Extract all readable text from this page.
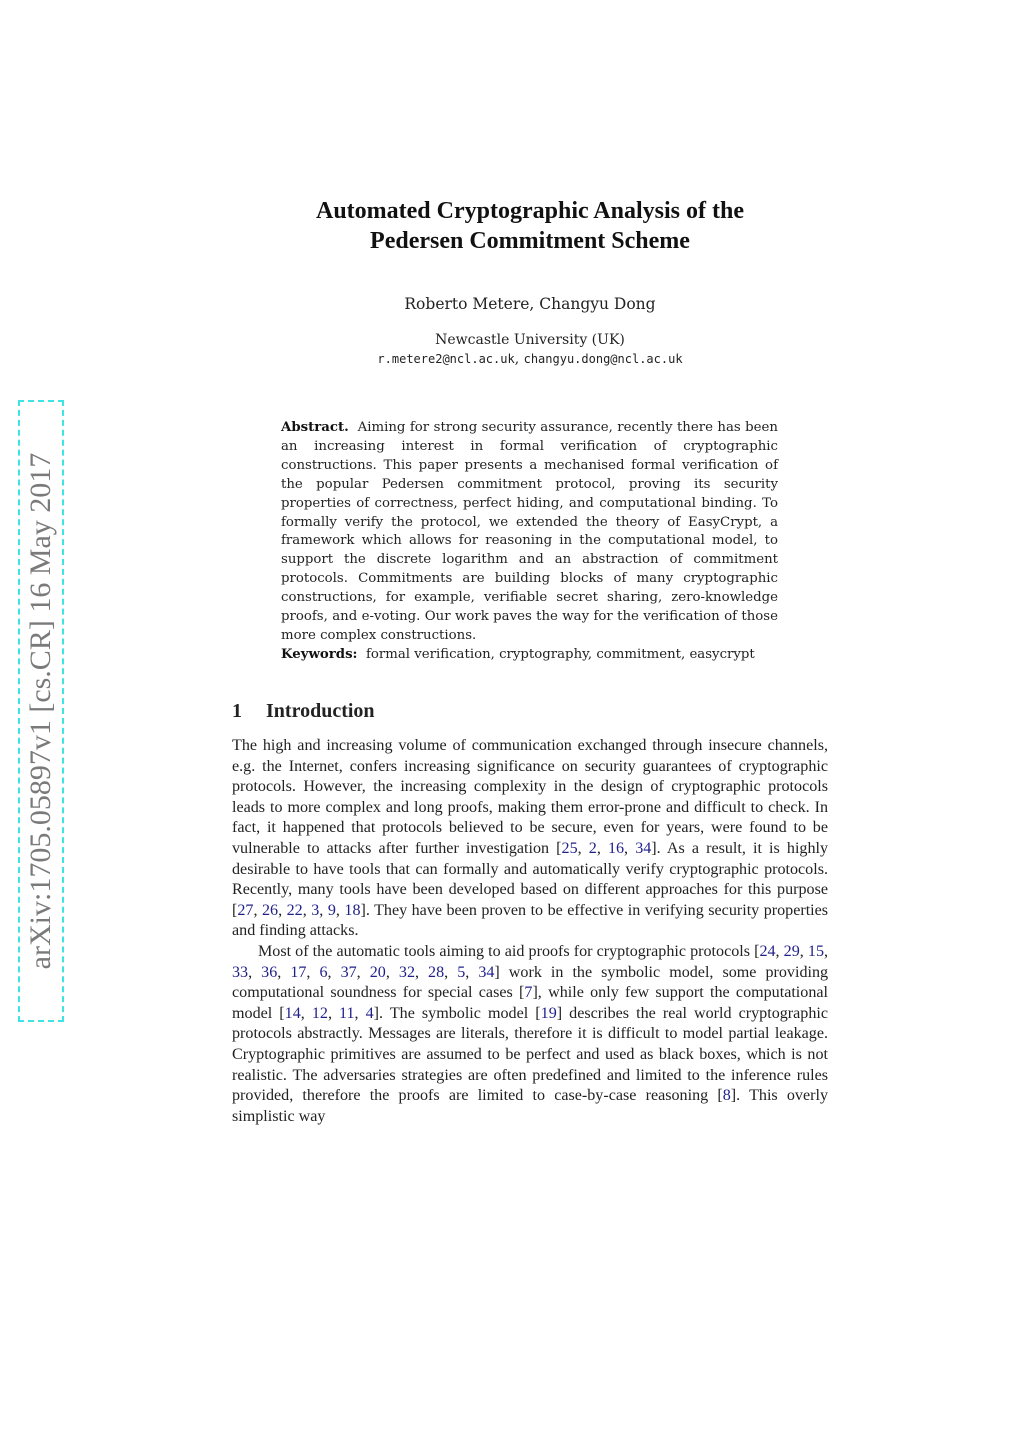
arXiv:1705.05897v1 [cs.CR] 16 May 2017
Automated Cryptographic Analysis of the
Pedersen Commitment Scheme
Roberto Metere, Changyu Dong
Newcastle University (UK)
r.metere2@ncl.ac.uk, changyu.dong@ncl.ac.uk
Abstract. Aiming for strong security assurance, recently there has been an increasing interest in formal verification of cryptographic constructions. This paper presents a mechanised formal verification of the popular Pedersen commitment protocol, proving its security properties of correctness, perfect hiding, and computational binding. To formally verify the protocol, we extended the theory of EasyCrypt, a framework which allows for reasoning in the computational model, to support the discrete logarithm and an abstraction of commitment protocols. Commitments are building blocks of many cryptographic constructions, for example, verifiable secret sharing, zero-knowledge proofs, and e-voting. Our work paves the way for the verification of those more complex constructions.
Keywords: formal verification, cryptography, commitment, easycrypt
1 Introduction

The high and increasing volume of communication exchanged through insecure channels, e.g. the Internet, confers increasing significance on security guarantees of cryptographic protocols. However, the increasing complexity in the design of cryptographic protocols leads to more complex and long proofs, making them error-prone and difficult to check. In fact, it happened that protocols believed to be secure, even for years, were found to be vulnerable to attacks after further investigation [25, 2, 16, 34]. As a result, it is highly desirable to have tools that can formally and automatically verify cryptographic protocols. Recently, many tools have been developed based on different approaches for this purpose [27, 26, 22, 3, 9, 18]. They have been proven to be effective in verifying security properties and finding attacks.

Most of the automatic tools aiming to aid proofs for cryptographic protocols [24, 29, 15, 33, 36, 17, 6, 37, 20, 32, 28, 5, 34] work in the symbolic model, some providing computational soundness for special cases [7], while only few support the computational model [14, 12, 11, 4]. The symbolic model [19] describes the real world cryptographic protocols abstractly. Messages are literals, therefore it is difficult to model partial leakage. Cryptographic primitives are assumed to be perfect and used as black boxes, which is not realistic. The adversaries strategies are often predefined and limited to the inference rules provided, therefore the proofs are limited to case-by-case reasoning [8]. This overly simplistic way
